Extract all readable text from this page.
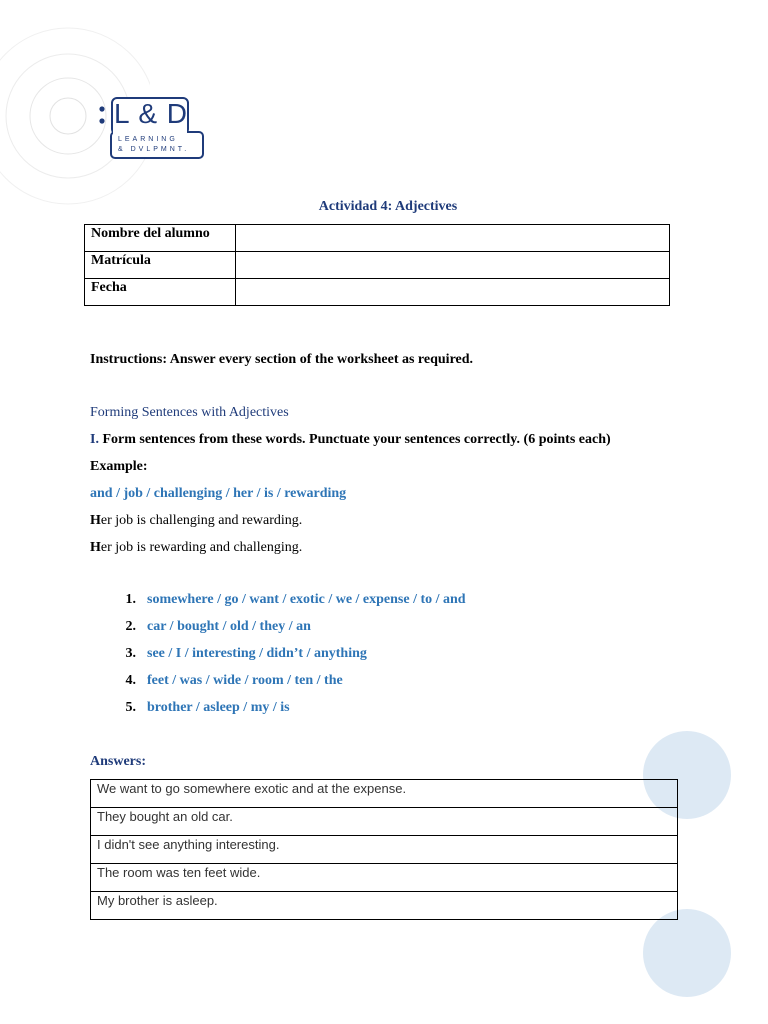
L & D
LEARNING
& DVLPMNT.
Actividad 4: Adjectives
Nombre del alumno	
Matrícula	
Fecha	
Instructions: Answer every section of the worksheet as required.
Forming Sentences with Adjectives
I. Form sentences from these words. Punctuate your sentences correctly. (6 points each)
Example:
and / job / challenging / her / is / rewarding
Her job is challenging and rewarding.
Her job is rewarding and challenging.
1. somewhere / go / want / exotic / we / expense / to / and
2. car / bought / old / they / an
3. see / I / interesting / didn’t / anything
4. feet / was / wide / room / ten / the
5. brother / asleep / my / is
Answers:
We want to go somewhere exotic and at the expense.
They bought an old car.
I didn't see anything interesting.
The room was ten feet wide.
My brother is asleep.
